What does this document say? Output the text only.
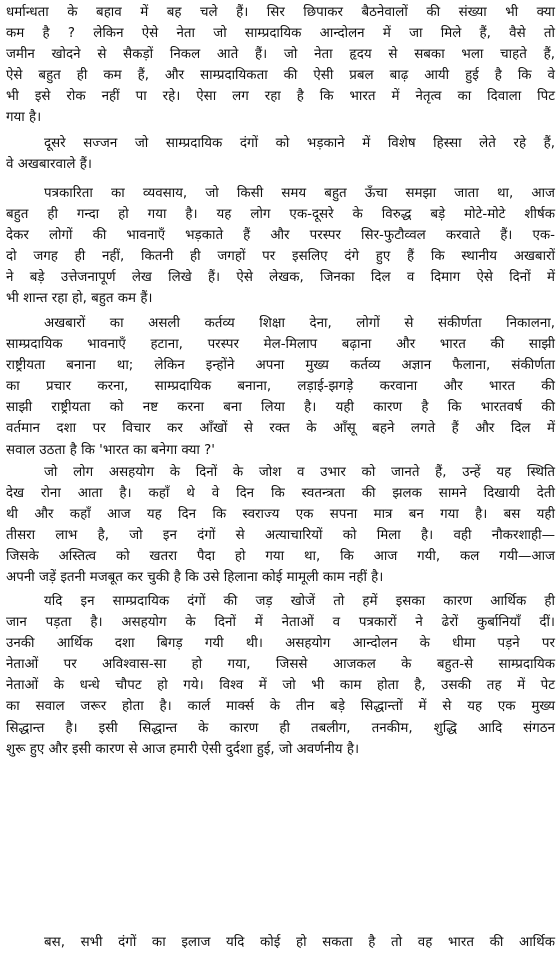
धर्मान्धता के बहाव में बह चले हैं। सिर छिपाकर बैठनेवालों की संख्या भी क्या
कम है ? लेकिन ऐसे नेता जो साम्प्रदायिक आन्दोलन में जा मिले हैं, वैसे तो
जमीन खोदने से सैकड़ों निकल आते हैं। जो नेता हृदय से सबका भला चाहते हैं,
ऐसे बहुत ही कम हैं, और साम्प्रदायिकता की ऐसी प्रबल बाढ़ आयी हुई है कि वे
भी इसे रोक नहीं पा रहे। ऐसा लग रहा है कि भारत में नेतृत्व का दिवाला पिट
गया है।
दूसरे सज्जन जो साम्प्रदायिक दंगों को भड़काने में विशेष हिस्सा लेते रहे हैं,
वे अखबारवाले हैं।
पत्रकारिता का व्यवसाय, जो किसी समय बहुत ऊँचा समझा जाता था, आज
बहुत ही गन्दा हो गया है। यह लोग एक-दूसरे के विरुद्ध बड़े मोटे-मोटे शीर्षक
देकर लोगों की भावनाएँ भड़काते हैं और परस्पर सिर-फुटौव्वल करवाते हैं। एक-
दो जगह ही नहीं, कितनी ही जगहों पर इसलिए दंगे हुए हैं कि स्थानीय अखबारों
ने बड़े उत्तेजनापूर्ण लेख लिखे हैं। ऐसे लेखक, जिनका दिल व दिमाग ऐसे दिनों में
भी शान्त रहा हो, बहुत कम हैं।
अखबारों का असली कर्तव्य शिक्षा देना, लोगों से संकीर्णता निकालना,
साम्प्रदायिक भावनाएँ हटाना, परस्पर मेल-मिलाप बढ़ाना और भारत की साझी
राष्ट्रीयता बनाना था; लेकिन इन्होंने अपना मुख्य कर्तव्य अज्ञान फैलाना, संकीर्णता
का प्रचार करना, साम्प्रदायिक बनाना, लड़ाई-झगड़े करवाना और भारत की
साझी राष्ट्रीयता को नष्ट करना बना लिया है। यही कारण है कि भारतवर्ष की
वर्तमान दशा पर विचार कर आँखों से रक्त के आँसू बहने लगते हैं और दिल में
सवाल उठता है कि 'भारत का बनेगा क्या ?'
जो लोग असहयोग के दिनों के जोश व उभार को जानते हैं, उन्हें यह स्थिति
देख रोना आता है। कहाँ थे वे दिन कि स्वतन्त्रता की झलक सामने दिखायी देती
थी और कहाँ आज यह दिन कि स्वराज्य एक सपना मात्र बन गया है। बस यही
तीसरा लाभ है, जो इन दंगों से अत्याचारियों को मिला है। वही नौकरशाही—
जिसके अस्तित्व को खतरा पैदा हो गया था, कि आज गयी, कल गयी—आज
अपनी जड़ें इतनी मजबूत कर चुकी है कि उसे हिलाना कोई मामूली काम नहीं है।
यदि इन साम्प्रदायिक दंगों की जड़ खोजें तो हमें इसका कारण आर्थिक ही
जान पड़ता है। असहयोग के दिनों में नेताओं व पत्रकारों ने ढेरों कुर्बानियाँ दीं।
उनकी आर्थिक दशा बिगड़ गयी थी। असहयोग आन्दोलन के धीमा पड़ने पर
नेताओं पर अविश्वास-सा हो गया, जिससे आजकल के बहुत-से साम्प्रदायिक
नेताओं के धन्धे चौपट हो गये। विश्व में जो भी काम होता है, उसकी तह में पेट
का सवाल जरूर होता है। कार्ल मार्क्स के तीन बड़े सिद्धान्तों में से यह एक मुख्य
सिद्धान्त है। इसी सिद्धान्त के कारण ही तबलीग, तनकीम, शुद्धि आदि संगठन
शुरू हुए और इसी कारण से आज हमारी ऐसी दुर्दशा हुई, जो अवर्णनीय है।
बस, सभी दंगों का इलाज यदि कोई हो सकता है तो वह भारत की आर्थिक
